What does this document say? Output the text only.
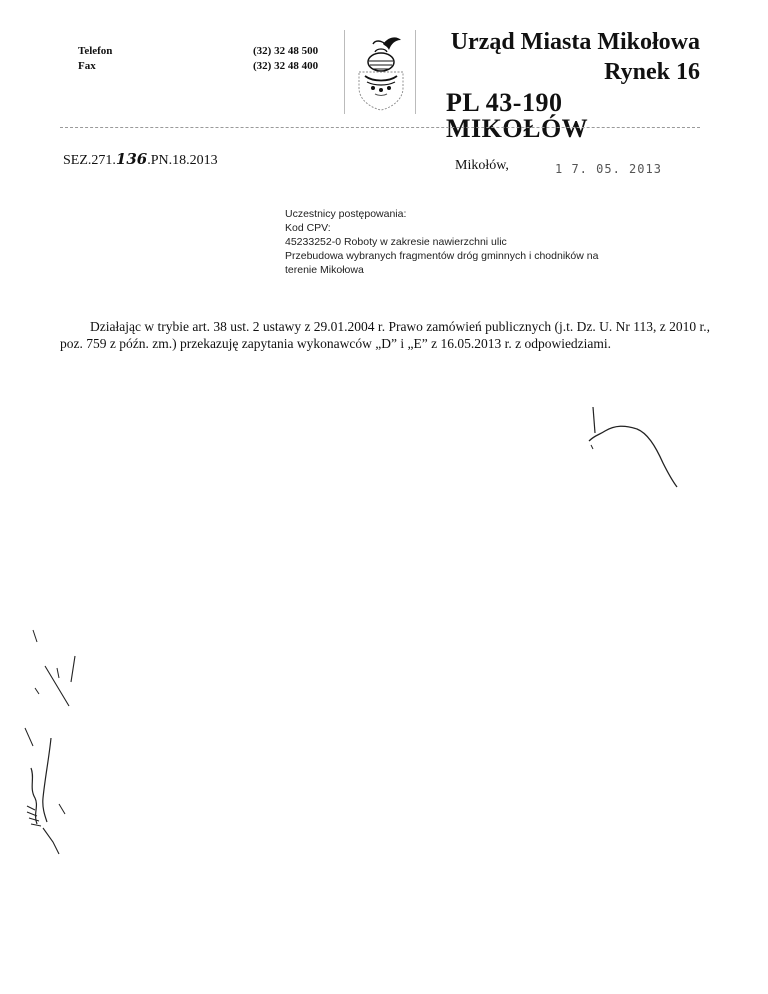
Telefon
Fax
(32) 32 48 500
(32) 32 48 400
Urząd Miasta Mikołowa
Rynek 16
PL 43-190 MIKOŁÓW
SEZ.271.136.PN.18.2013	Mikołów,	1 7. 05. 2013
Uczestnicy postępowania:
Kod CPV:
45233252-0 Roboty w zakresie nawierzchni ulic
Przebudowa wybranych fragmentów dróg gminnych i chodników na
terenie Mikołowa
Działając w trybie art. 38 ust. 2 ustawy z 29.01.2004 r. Prawo zamówień publicznych (j.t. Dz. U. Nr 113, z 2010 r., poz. 759 z późn. zm.) przekazuję zapytania wykonawców „D” i „E” z 16.05.2013 r. z odpowiedziami.
